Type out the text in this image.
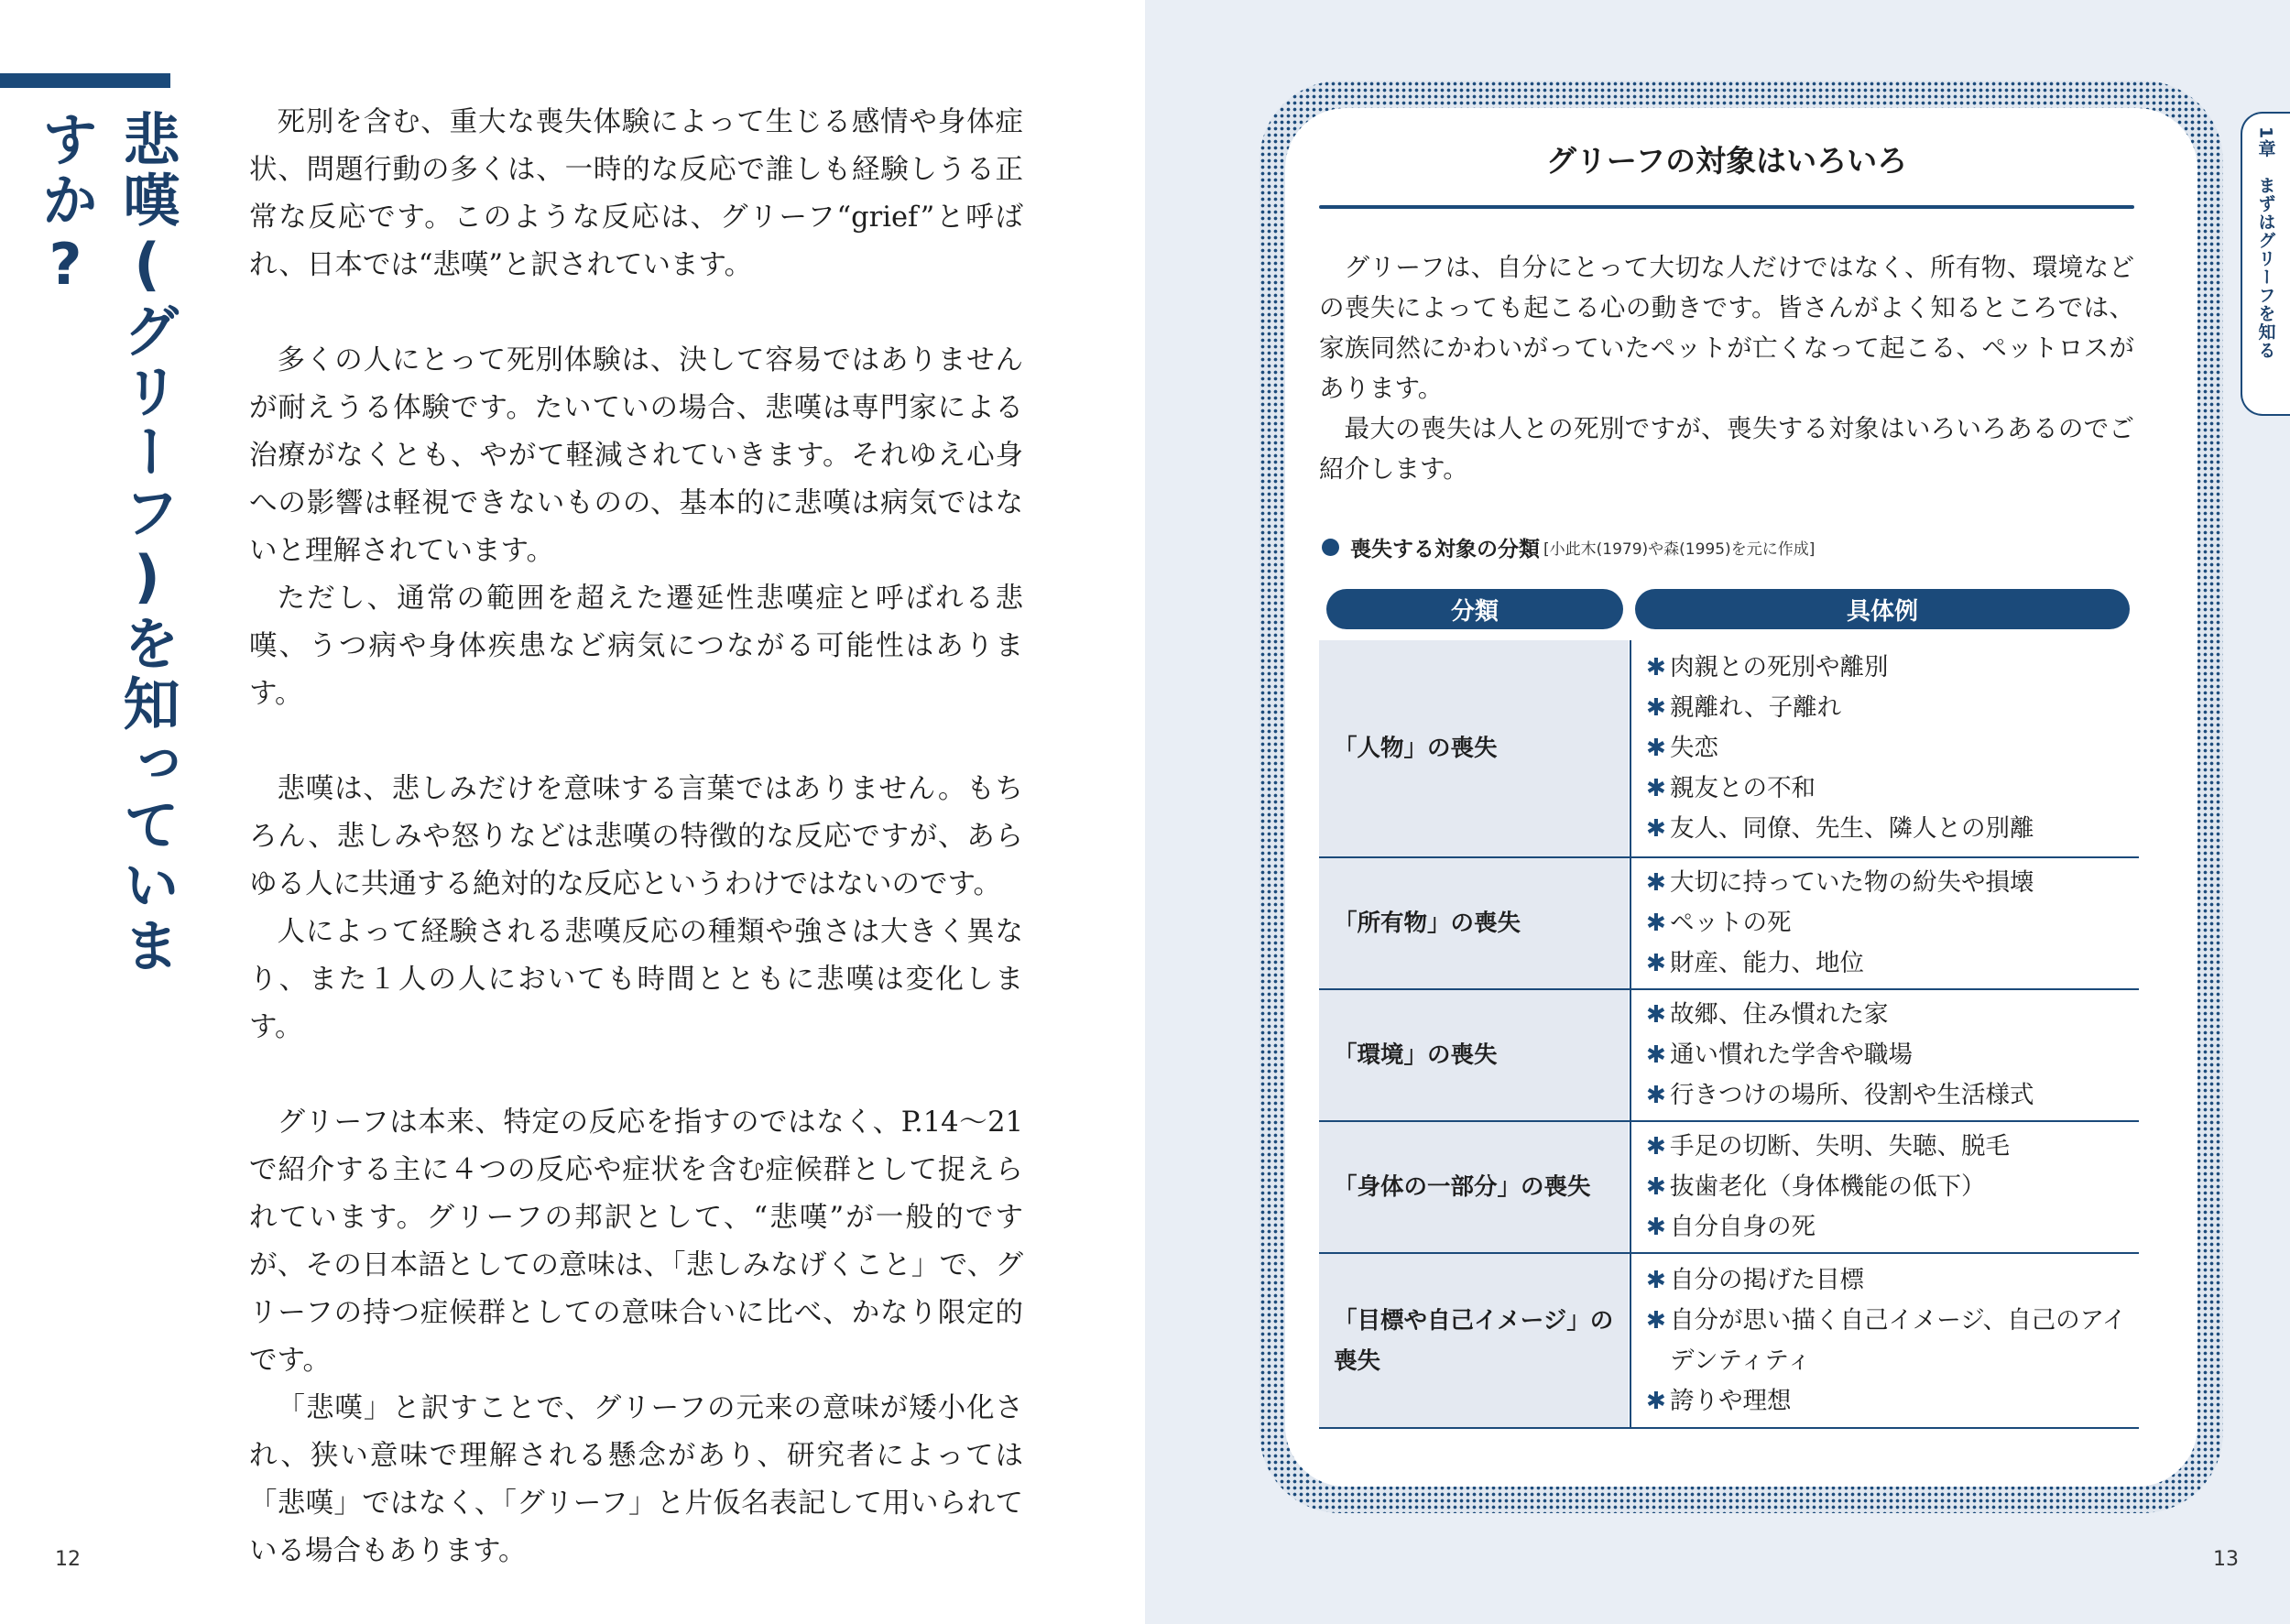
悲嘆(グリーフ)を知っていますか?	死別を含む、重大な喪失体験によって生じる感情や身体症状、問題行動の多くは、一時的な反応で誰しも経験しうる正常な反応です。このような反応は、グリーフ“grief”と呼ばれ、日本では“悲嘆”と訳されています。

多くの人にとって死別体験は、決して容易ではありませんが耐えうる体験です。たいていの場合、悲嘆は専門家による治療がなくとも、やがて軽減されていきます。それゆえ心身への影響は軽視できないものの、基本的に悲嘆は病気ではないと理解されています。

ただし、通常の範囲を超えた遷延性悲嘆症と呼ばれる悲嘆、うつ病や身体疾患など病気につながる可能性はあります。

悲嘆は、悲しみだけを意味する言葉ではありません。もちろん、悲しみや怒りなどは悲嘆の特徴的な反応ですが、あらゆる人に共通する絶対的な反応というわけではないのです。

人によって経験される悲嘆反応の種類や強さは大きく異なり、また１人の人においても時間とともに悲嘆は変化します。

グリーフは本来、特定の反応を指すのではなく、P.14～21で紹介する主に４つの反応や症状を含む症候群として捉えられています。グリーフの邦訳として、“悲嘆”が一般的ですが、その日本語としての意味は、「悲しみなげくこと」で、グリーフの持つ症候群としての意味合いに比べ、かなり限定的です。

「悲嘆」と訳すことで、グリーフの元来の意味が矮小化され、狭い意味で理解される懸念があり、研究者によっては「悲嘆」ではなく、「グリーフ」と片仮名表記して用いられている場合もあります。

12
グリーフの対象はいろいろ

グリーフは、自分にとって大切な人だけではなく、所有物、環境などの喪失によっても起こる心の動きです。皆さんがよく知るところでは、家族同然にかわいがっていたペットが亡くなって起こる、ペットロスがあります。

最大の喪失は人との死別ですが、喪失する対象はいろいろあるのでご紹介します。

喪失する対象の分類 [小此木(1979)や森(1995)を元に作成]
分類	具体例
「人物」の喪失
✱ 肉親との死別や離別
✱ 親離れ、子離れ
✱ 失恋
✱ 親友との不和
✱ 友人、同僚、先生、隣人との別離
「所有物」の喪失
✱ 大切に持っていた物の紛失や損壊
✱ ペットの死
✱ 財産、能力、地位
「環境」の喪失
✱ 故郷、住み慣れた家
✱ 通い慣れた学舎や職場
✱ 行きつけの場所、役割や生活様式
「身体の一部分」の喪失
✱ 手足の切断、失明、失聴、脱毛
✱ 抜歯老化（身体機能の低下）
✱ 自分自身の死
「目標や自己イメージ」の喪失
✱ 自分の掲げた目標
✱ 自分が思い描く自己イメージ、自己のアイデンティティ
✱ 誇りや理想
1章　まずはグリーフを知る
13
